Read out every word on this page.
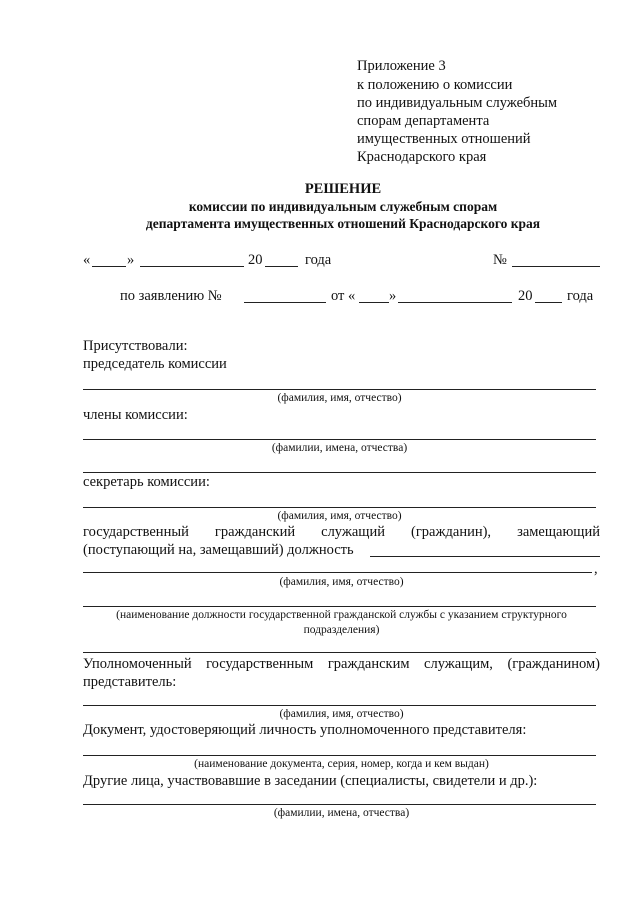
Приложение 3
к положению о комиссии
по индивидуальным служебным
спорам департамента
имущественных отношений
Краснодарского края
РЕШЕНИЕ
комиссии по индивидуальным служебным спорам
департамента имущественных отношений Краснодарского края
«	»	20	года	№
по заявлению №	от « »	20 года
Присутствовали:
председатель комиссии
(фамилия, имя, отчество)
члены комиссии:
(фамилии, имена, отчества)
секретарь комиссии:
(фамилия, имя, отчество)
государственный гражданский служащий (гражданин), замещающий
(поступающий на, замещавший) должность
,
(фамилия, имя, отчество)
(наименование должности государственной гражданской службы с указанием структурного
подразделения)
Уполномоченный государственным гражданским служащим, (гражданином)
представитель:
(фамилия, имя, отчество)
Документ, удостоверяющий личность уполномоченного представителя:
(наименование документа, серия, номер, когда и кем выдан)
Другие лица, участвовавшие в заседании (специалисты, свидетели и др.):
(фамилии, имена, отчества)
